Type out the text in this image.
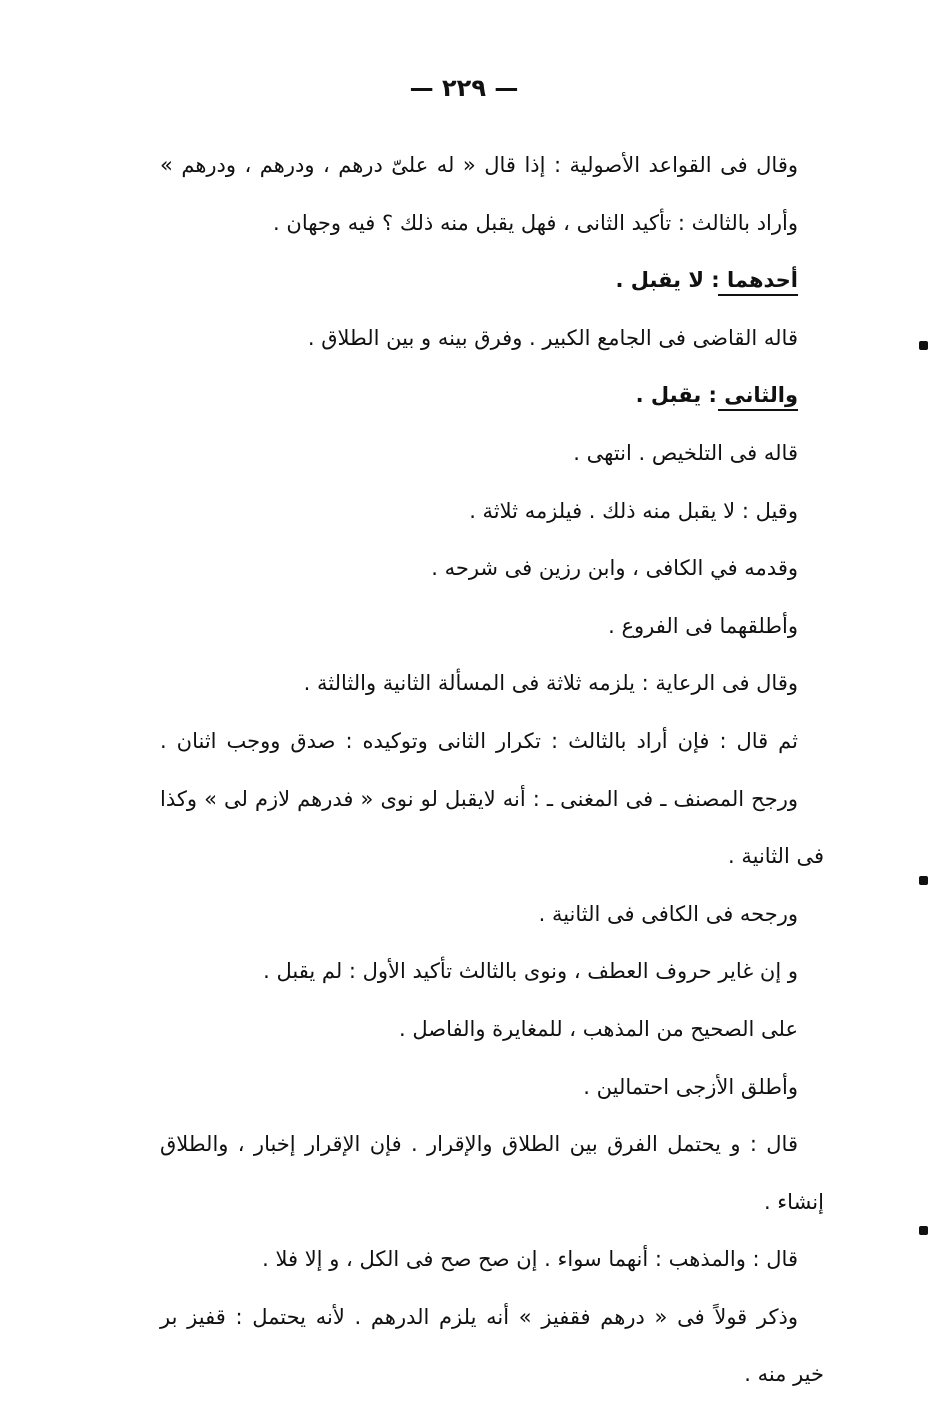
— ٢٢٩ —
وقال فى القواعد الأصولية : إذا قال « له علىّ درهم ، ودرهم ، ودرهم »
وأراد بالثالث : تأكيد الثانى ، فهل يقبل منه ذلك ؟ فيه وجهان .
أحدهما : لا يقبل .
قاله القاضى فى الجامع الكبير . وفرق بينه و بين الطلاق .
والثانى : يقبل .
قاله فى التلخيص . انتهى .
وقيل : لا يقبل منه ذلك . فيلزمه ثلاثة .
وقدمه في الكافى ، وابن رزين فى شرحه .
وأطلقهما فى الفروع .
وقال فى الرعاية : يلزمه ثلاثة فى المسألة الثانية والثالثة .
ثم قال : فإن أراد بالثالث : تكرار الثانى وتوكيده : صدق ووجب اثنان .
ورجح المصنف ـ فى المغنى ـ : أنه لايقبل لو نوى « فدرهم لازم لى » وكذا
فى الثانية .
ورجحه فى الكافى فى الثانية .
و إن غاير حروف العطف ، ونوى بالثالث تأكيد الأول : لم يقبل .
على الصحيح من المذهب ، للمغايرة والفاصل .
وأطلق الأزجى احتمالين .
قال : و يحتمل الفرق بين الطلاق والإقرار . فإن الإقرار إخبار ، والطلاق
إنشاء .
قال : والمذهب : أنهما سواء . إن صح صح فى الكل ، و إلا فلا .
وذكر قولاً فى « درهم فقفيز » أنه يلزم الدرهم . لأنه يحتمل : قفيز بر
خير منه .
